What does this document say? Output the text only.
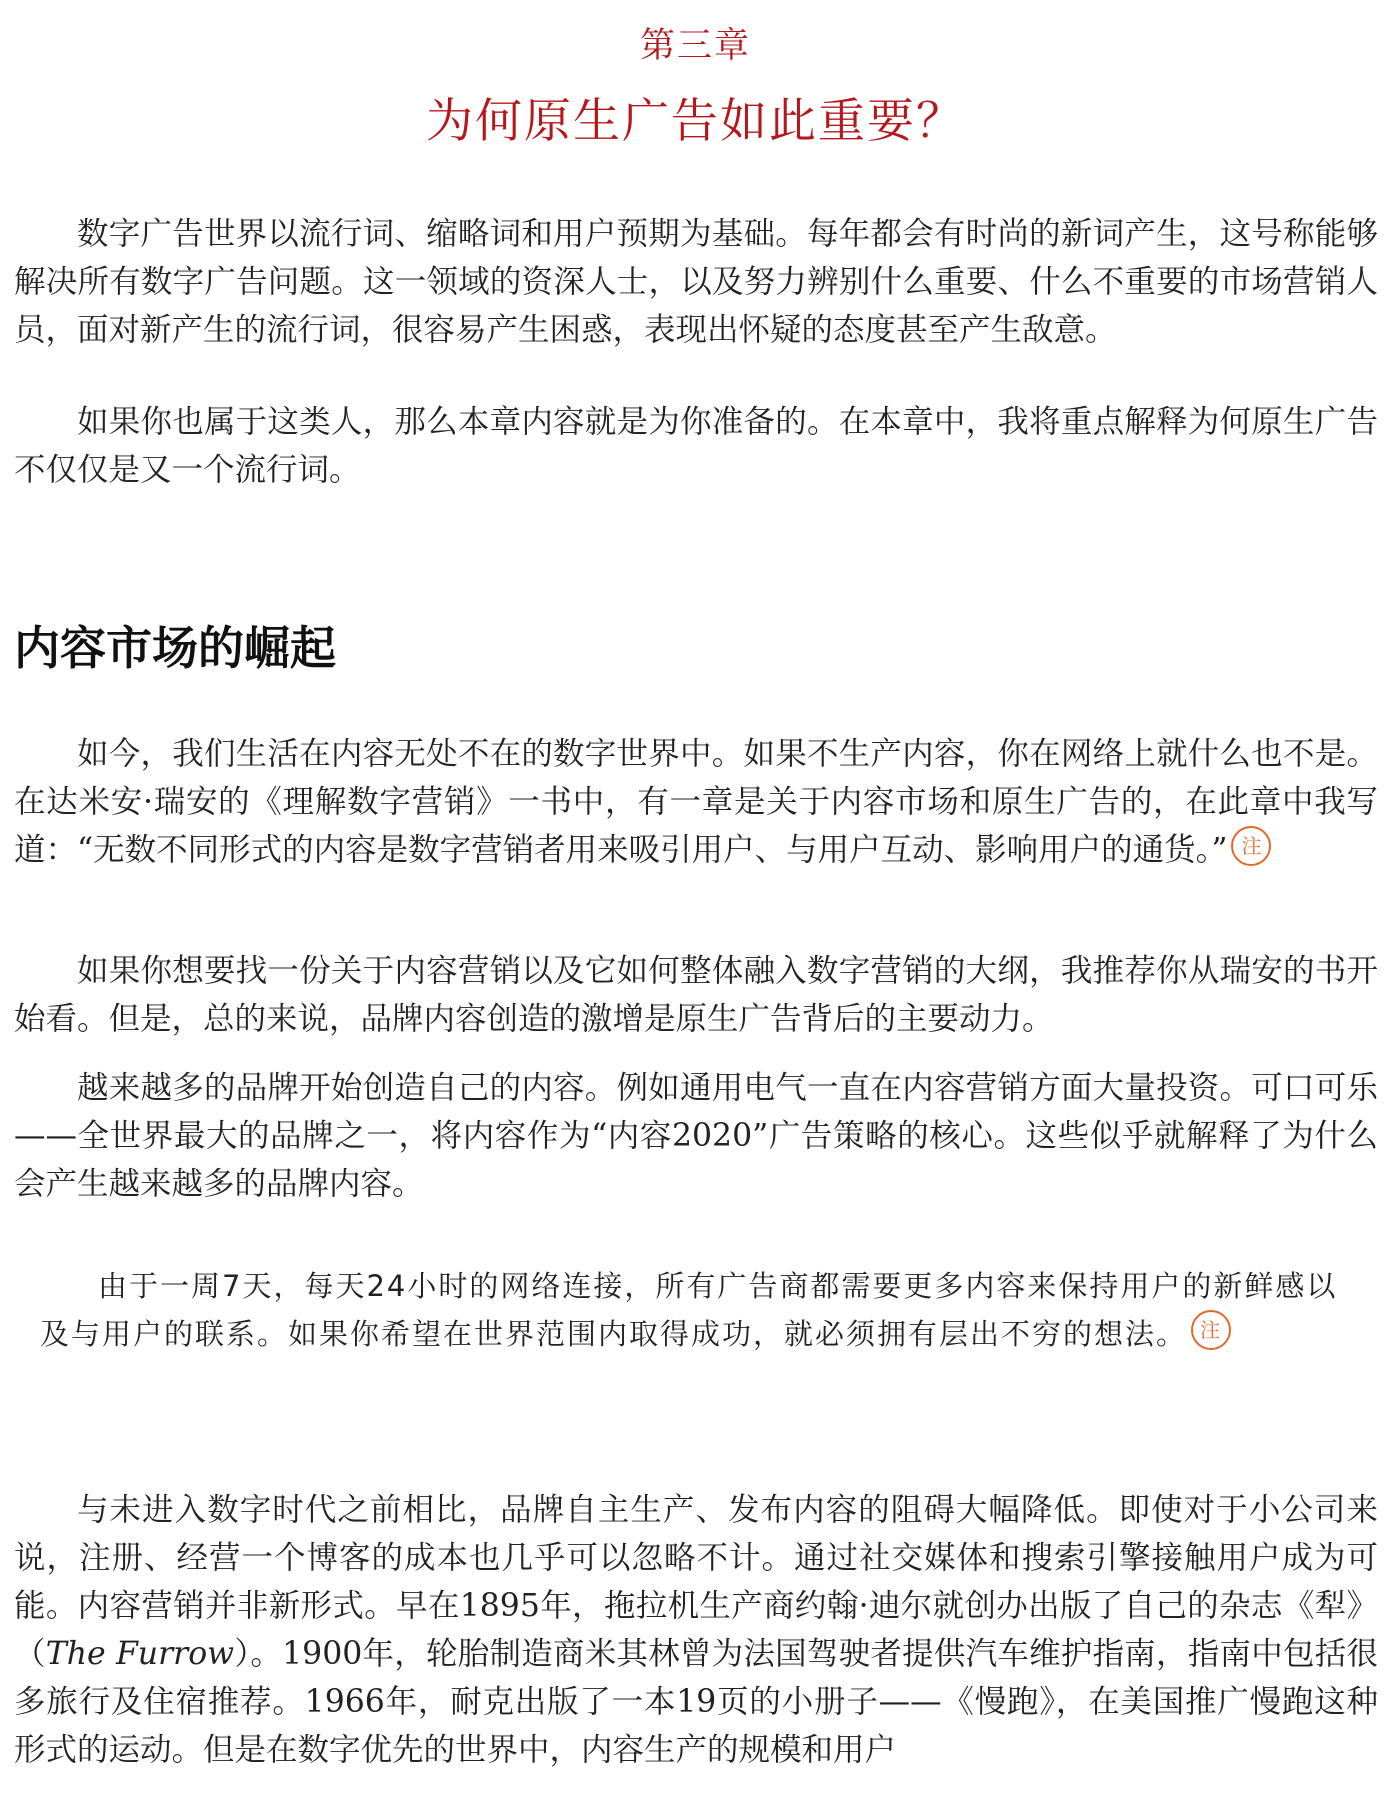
第三章
为何原生广告如此重要？

数字广告世界以流行词、缩略词和用户预期为基础。每年都会有时尚的新词产生，这号称能够解决所有数字广告问题。这一领域的资深人士，以及努力辨别什么重要、什么不重要的市场营销人员，面对新产生的流行词，很容易产生困惑，表现出怀疑的态度甚至产生敌意。

如果你也属于这类人，那么本章内容就是为你准备的。在本章中，我将重点解释为何原生广告不仅仅是又一个流行词。

内容市场的崛起

如今，我们生活在内容无处不在的数字世界中。如果不生产内容，你在网络上就什么也不是。在达米安·瑞安的《理解数字营销》一书中，有一章是关于内容市场和原生广告的，在此章中我写道：“无数不同形式的内容是数字营销者用来吸引用户、与用户互动、影响用户的通货。” 注

如果你想要找一份关于内容营销以及它如何整体融入数字营销的大纲，我推荐你从瑞安的书开始看。但是，总的来说，品牌内容创造的激增是原生广告背后的主要动力。

越来越多的品牌开始创造自己的内容。例如通用电气一直在内容营销方面大量投资。可口可乐——全世界最大的品牌之一，将内容作为“内容2020”广告策略的核心。这些似乎就解释了为什么会产生越来越多的品牌内容。

由于一周7天，每天24小时的网络连接，所有广告商都需要更多内容来保持用户的新鲜感以及与用户的联系。如果你希望在世界范围内取得成功，就必须拥有层出不穷的想法。 注

与未进入数字时代之前相比，品牌自主生产、发布内容的阻碍大幅降低。即使对于小公司来说，注册、经营一个博客的成本也几乎可以忽略不计。通过社交媒体和搜索引擎接触用户成为可能。内容营销并非新形式。早在1895年，拖拉机生产商约翰·迪尔就创办出版了自己的杂志《犁》（The Furrow）。1900年，轮胎制造商米其林曾为法国驾驶者提供汽车维护指南，指南中包括很多旅行及住宿推荐。1966年，耐克出版了一本19页的小册子——《慢跑》，在美国推广慢跑这种形式的运动。但是在数字优先的世界中，内容生产的规模和用户
